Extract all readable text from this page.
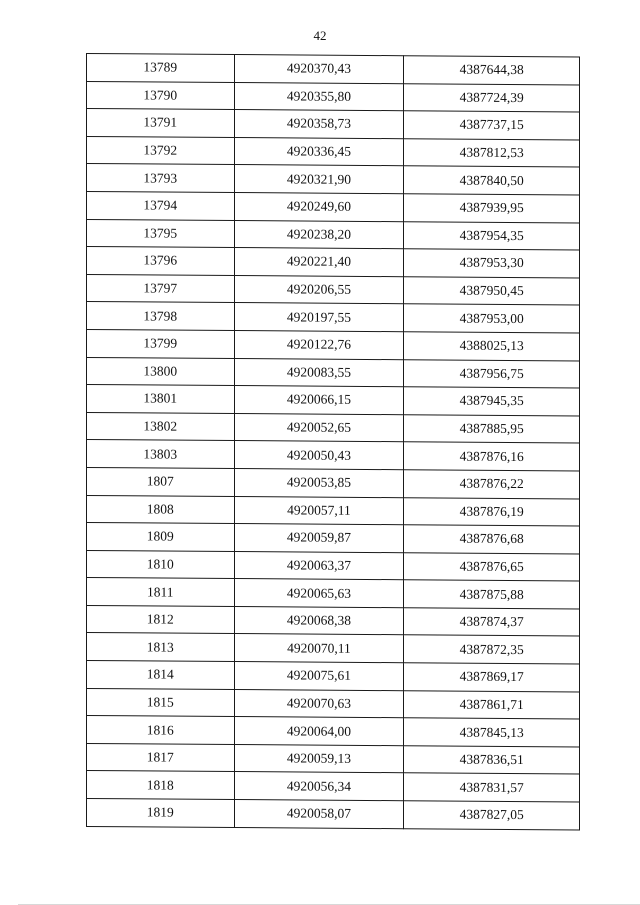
42
13789	4920370,43	4387644,38
13790	4920355,80	4387724,39
13791	4920358,73	4387737,15
13792	4920336,45	4387812,53
13793	4920321,90	4387840,50
13794	4920249,60	4387939,95
13795	4920238,20	4387954,35
13796	4920221,40	4387953,30
13797	4920206,55	4387950,45
13798	4920197,55	4387953,00
13799	4920122,76	4388025,13
13800	4920083,55	4387956,75
13801	4920066,15	4387945,35
13802	4920052,65	4387885,95
13803	4920050,43	4387876,16
1807	4920053,85	4387876,22
1808	4920057,11	4387876,19
1809	4920059,87	4387876,68
1810	4920063,37	4387876,65
1811	4920065,63	4387875,88
1812	4920068,38	4387874,37
1813	4920070,11	4387872,35
1814	4920075,61	4387869,17
1815	4920070,63	4387861,71
1816	4920064,00	4387845,13
1817	4920059,13	4387836,51
1818	4920056,34	4387831,57
1819	4920058,07	4387827,05
